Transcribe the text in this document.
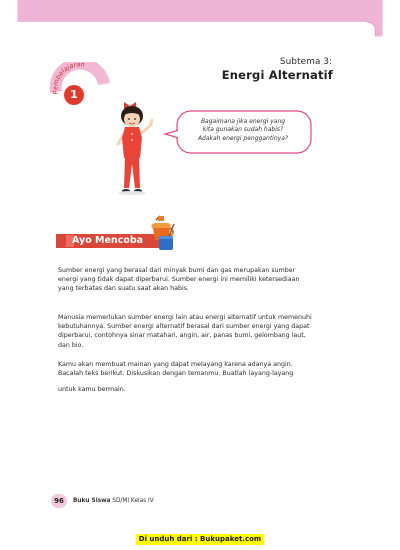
Pembelajaran
1
Subtema 3:
Energi Alternatif
Bagaimana jika energi yang
kita gunakan sudah habis?
Adakah energi penggantinya?
Ayo Mencoba

Sumber energi yang berasal dari minyak bumi dan gas merupakan sumber
energi yang tidak dapat diperbarui. Sumber energi ini memiliki ketersediaan
yang terbatas dan suatu saat akan habis.

Manusia memerlukan sumber energi lain atau energi alternatif untuk memenuhi
kebutuhannya. Sumber energi alternatif berasal dari sumber energi yang dapat
diperbarui, contohnya sinar matahari, angin, air, panas bumi, gelombang laut,
dan bio.

Kamu akan membuat mainan yang dapat melayang karena adanya angin.
Bacalah teks berikut. Diskusikan dengan temanmu. Buatlah layang-layang

untuk kamu bermain.

96	Buku Siswa SD/MI Kelas IV
Di unduh dari : Bukupaket.com
